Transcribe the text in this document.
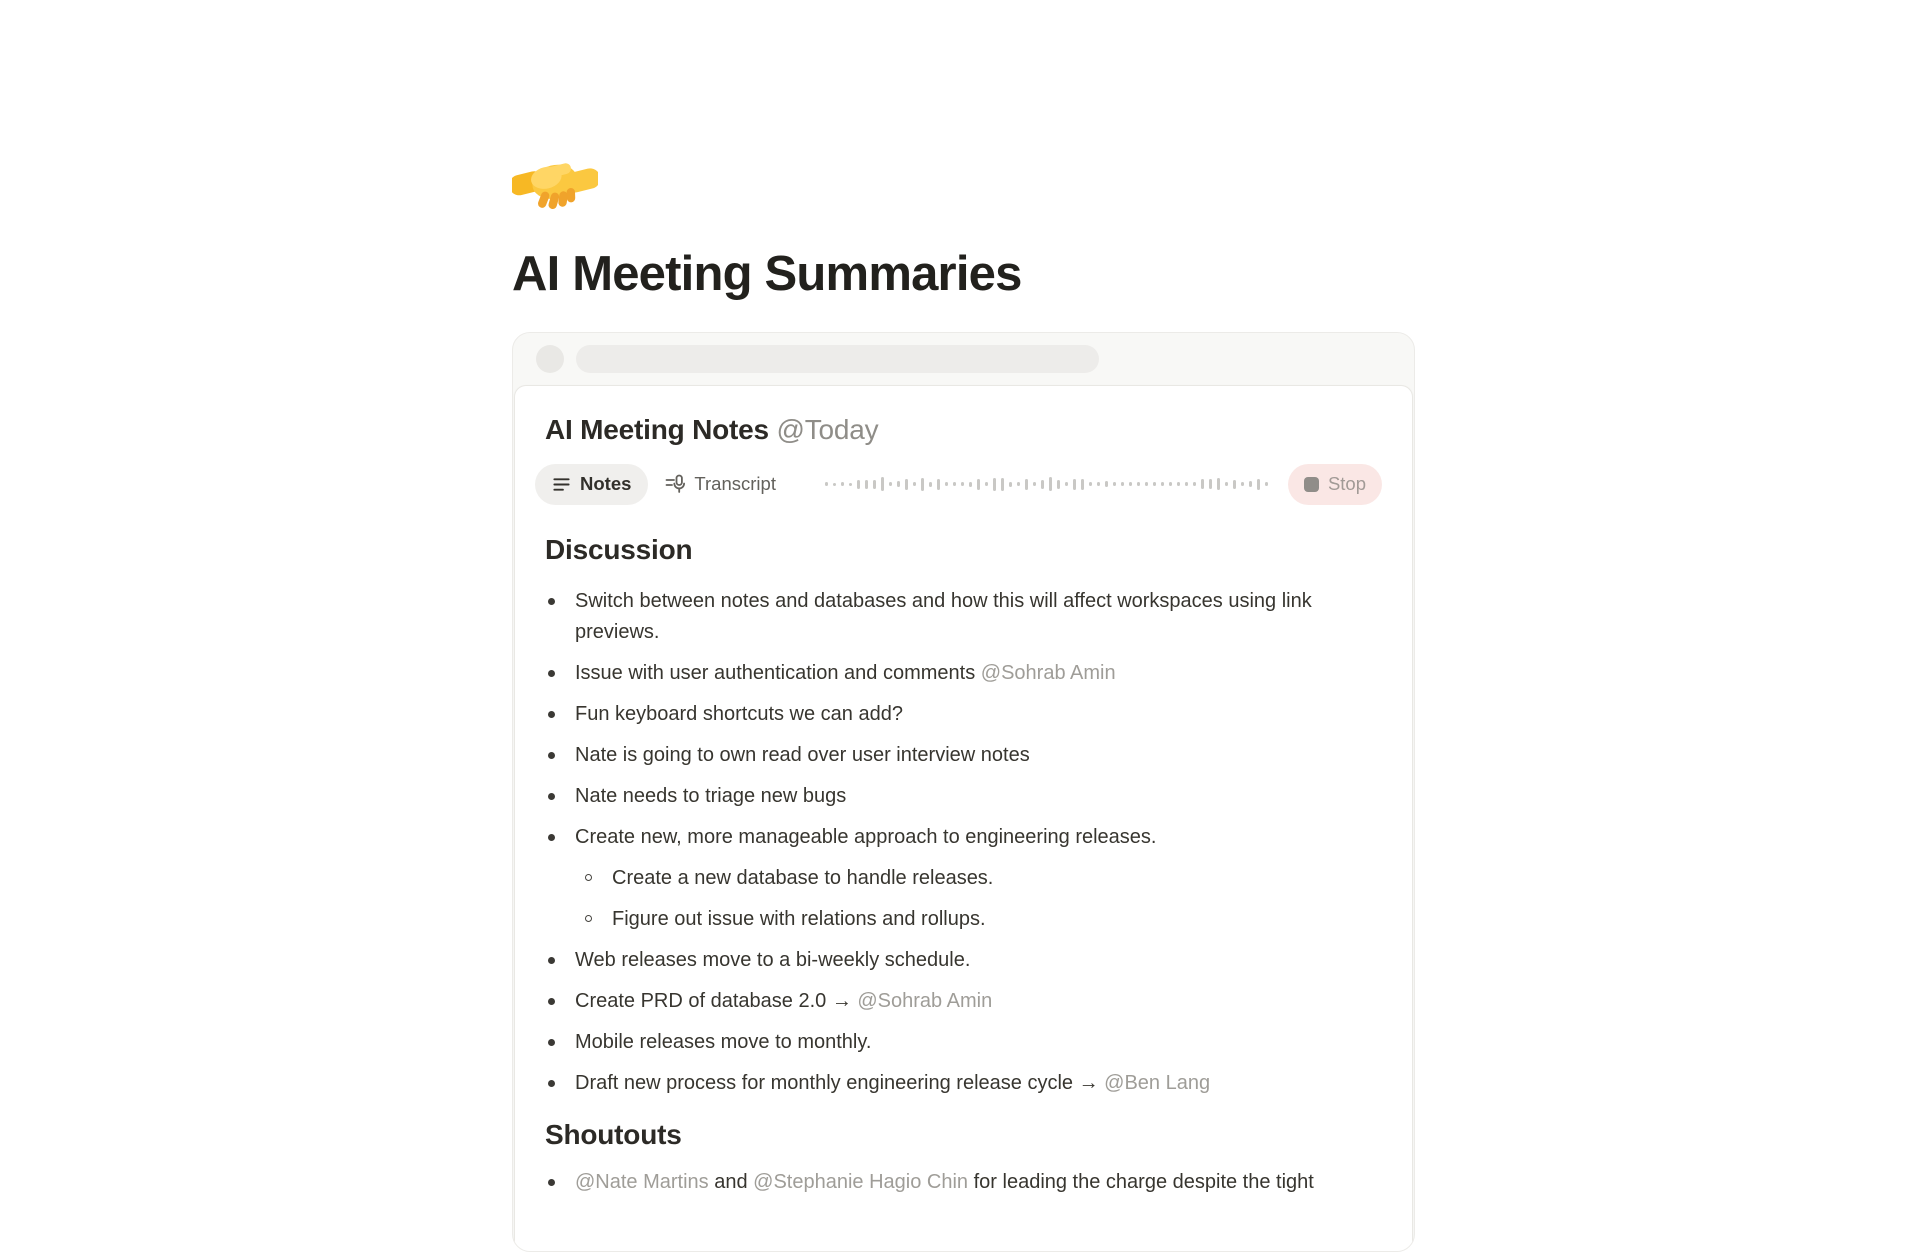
AI Meeting Summaries
AI Meeting Notes @Today
Notes	Transcript	Stop
Discussion
Switch between notes and databases and how this will affect workspaces using link previews.
Issue with user authentication and comments @Sohrab Amin
Fun keyboard shortcuts we can add?
Nate is going to own read over user interview notes
Nate needs to triage new bugs
Create new, more manageable approach to engineering releases.
Create a new database to handle releases.
Figure out issue with relations and rollups.
Web releases move to a bi-weekly schedule.
Create PRD of database 2.0 → @Sohrab Amin
Mobile releases move to monthly.
Draft new process for monthly engineering release cycle → @Ben Lang
Shoutouts
@Nate Martins and @Stephanie Hagio Chin for leading the charge despite the tight
